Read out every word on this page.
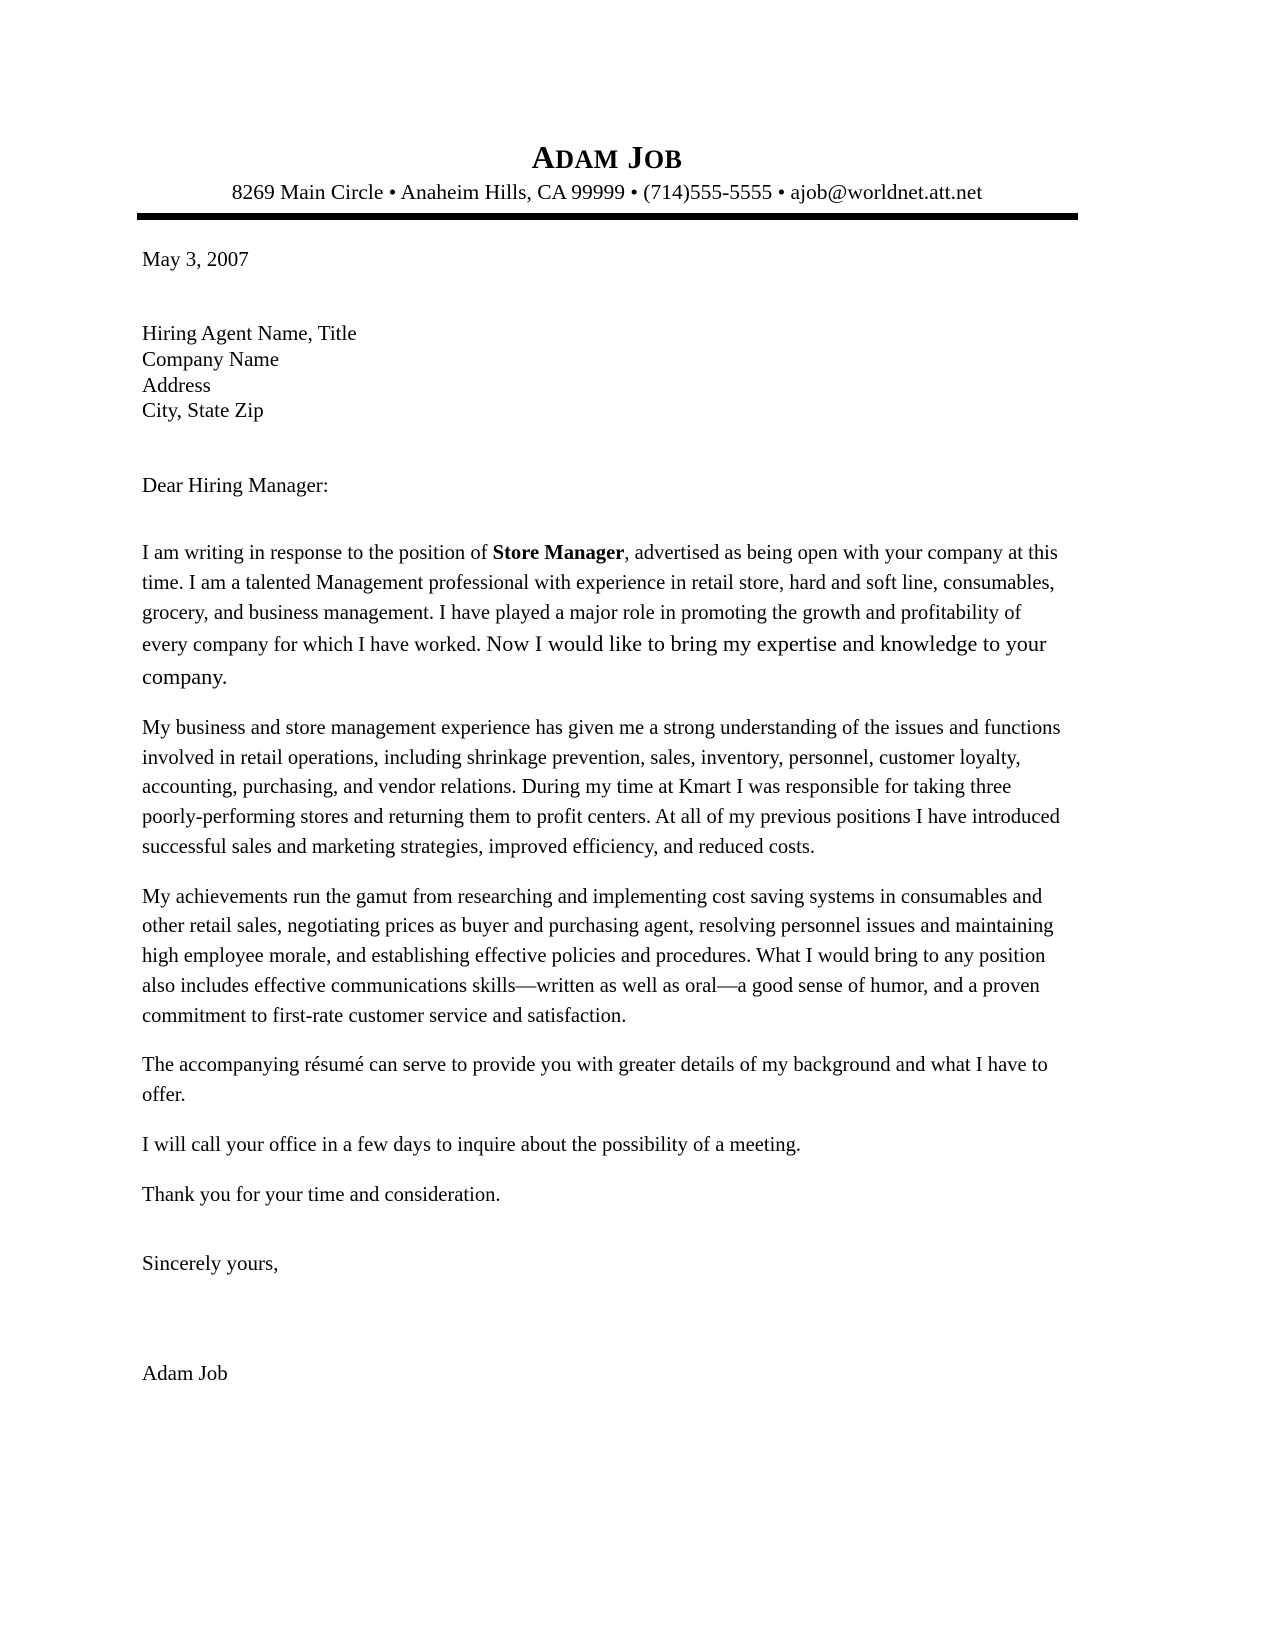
ADAM JOB
8269 Main Circle • Anaheim Hills, CA 99999 • (714)555-5555 • ajob@worldnet.att.net
May 3, 2007
Hiring Agent Name, Title
Company Name
Address
City, State Zip
Dear Hiring Manager:

I am writing in response to the position of Store Manager, advertised as being open with your company at this time. I am a talented Management professional with experience in retail store, hard and soft line, consumables, grocery, and business management. I have played a major role in promoting the growth and profitability of every company for which I have worked. Now I would like to bring my expertise and knowledge to your company.

My business and store management experience has given me a strong understanding of the issues and functions involved in retail operations, including shrinkage prevention, sales, inventory, personnel, customer loyalty, accounting, purchasing, and vendor relations. During my time at Kmart I was responsible for taking three poorly-performing stores and returning them to profit centers. At all of my previous positions I have introduced successful sales and marketing strategies, improved efficiency, and reduced costs.

My achievements run the gamut from researching and implementing cost saving systems in consumables and other retail sales, negotiating prices as buyer and purchasing agent, resolving personnel issues and maintaining high employee morale, and establishing effective policies and procedures. What I would bring to any position also includes effective communications skills—written as well as oral—a good sense of humor, and a proven commitment to first-rate customer service and satisfaction.

The accompanying résumé can serve to provide you with greater details of my background and what I have to offer.

I will call your office in a few days to inquire about the possibility of a meeting.

Thank you for your time and consideration.

Sincerely yours,
Adam Job
